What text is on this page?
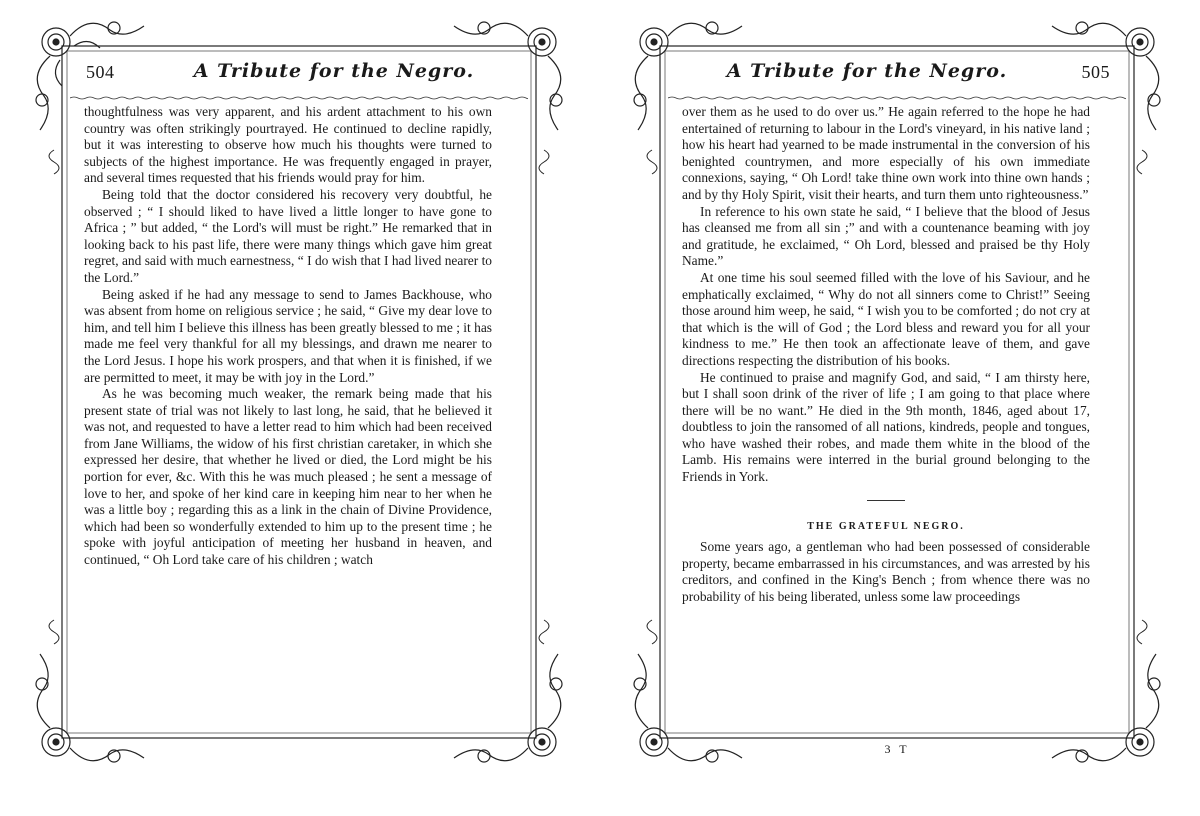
504	A Tribute for the Negro.

thoughtfulness was very apparent, and his ardent attachment to his own country was often strikingly pourtrayed. He continued to decline rapidly, but it was interesting to observe how much his thoughts were turned to subjects of the highest importance. He was frequently engaged in prayer, and several times requested that his friends would pray for him.

Being told that the doctor considered his recovery very doubtful, he observed ; “ I should liked to have lived a little longer to have gone to Africa ; ” but added, “ the Lord's will must be right.” He remarked that in looking back to his past life, there were many things which gave him great regret, and said with much earnestness, “ I do wish that I had lived nearer to the Lord.”

Being asked if he had any message to send to James Backhouse, who was absent from home on religious service ; he said, “ Give my dear love to him, and tell him I believe this illness has been greatly blessed to me ; it has made me feel very thankful for all my blessings, and drawn me nearer to the Lord Jesus. I hope his work prospers, and that when it is finished, if we are permitted to meet, it may be with joy in the Lord.”

As he was becoming much weaker, the remark being made that his present state of trial was not likely to last long, he said, that he believed it was not, and requested to have a letter read to him which had been received from Jane Williams, the widow of his first christian caretaker, in which she expressed her desire, that whether he lived or died, the Lord might be his portion for ever, &c. With this he was much pleased ; he sent a message of love to her, and spoke of her kind care in keeping him near to her when he was a little boy ; regarding this as a link in the chain of Divine Providence, which had been so wonderfully extended to him up to the present time ; he spoke with joyful anticipation of meeting her husband in heaven, and continued, “ Oh Lord take care of his children ; watch

A Tribute for the Negro.	505

over them as he used to do over us.” He again referred to the hope he had entertained of returning to labour in the Lord's vineyard, in his native land ; how his heart had yearned to be made instrumental in the conversion of his benighted countrymen, and more especially of his own immediate connexions, saying, “ Oh Lord! take thine own work into thine own hands ; and by thy Holy Spirit, visit their hearts, and turn them unto righteousness.”

In reference to his own state he said, “ I believe that the blood of Jesus has cleansed me from all sin ;” and with a countenance beaming with joy and gratitude, he exclaimed, “ Oh Lord, blessed and praised be thy Holy Name.”

At one time his soul seemed filled with the love of his Saviour, and he emphatically exclaimed, “ Why do not all sinners come to Christ!” Seeing those around him weep, he said, “ I wish you to be comforted ; do not cry at that which is the will of God ; the Lord bless and reward you for all your kindness to me.” He then took an affectionate leave of them, and gave directions respecting the distribution of his books.

He continued to praise and magnify God, and said, “ I am thirsty here, but I shall soon drink of the river of life ; I am going to that place where there will be no want.” He died in the 9th month, 1846, aged about 17, doubtless to join the ransomed of all nations, kindreds, people and tongues, who have washed their robes, and made them white in the blood of the Lamb. His remains were interred in the burial ground belonging to the Friends in York.

THE GRATEFUL NEGRO.

Some years ago, a gentleman who had been possessed of considerable property, became embarrassed in his circumstances, and was arrested by his creditors, and confined in the King's Bench ; from whence there was no probability of his being liberated, unless some law proceedings

3 T
